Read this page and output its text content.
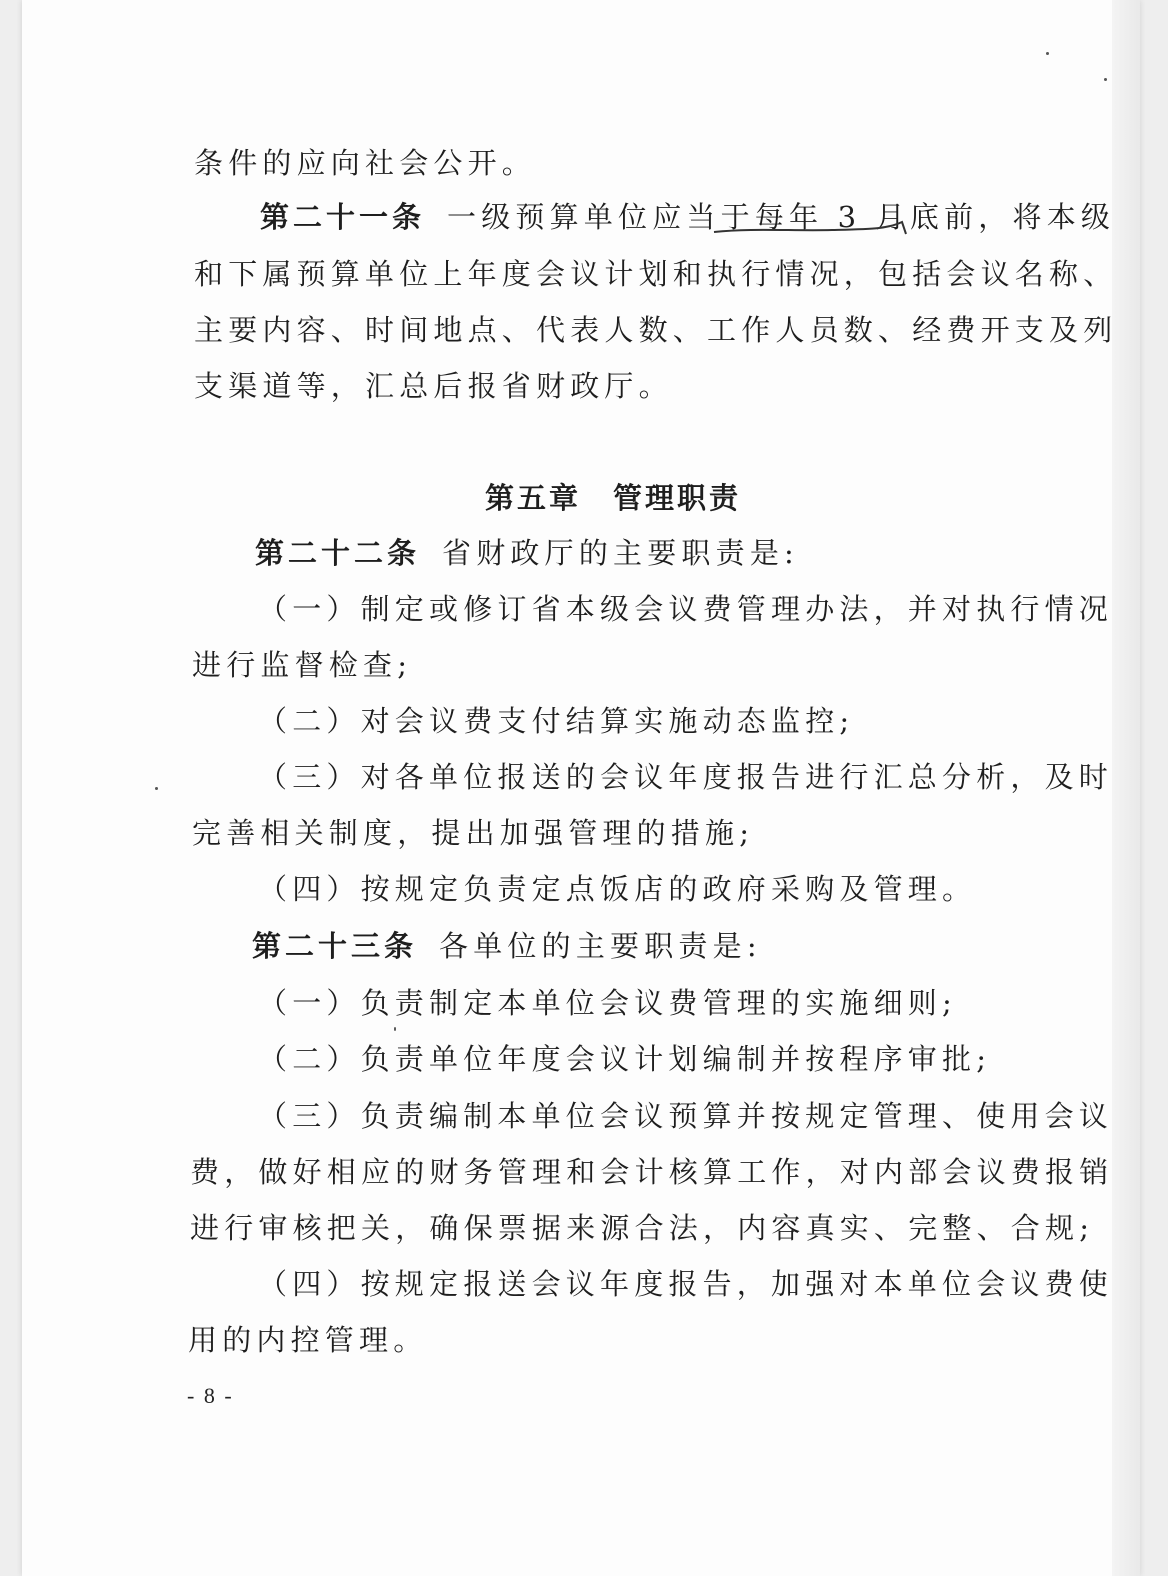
条件的应向社会公开。
第二十一条 一级预算单位应当于每年 3 月底前，将本级
和下属预算单位上年度会议计划和执行情况，包括会议名称、
主要内容、时间地点、代表人数、工作人员数、经费开支及列
支渠道等，汇总后报省财政厅。
第五章　管理职责
第二十二条 省财政厅的主要职责是:
（一）制定或修订省本级会议费管理办法，并对执行情况
进行监督检查;
（二）对会议费支付结算实施动态监控;
（三）对各单位报送的会议年度报告进行汇总分析，及时
完善相关制度，提出加强管理的措施;
（四）按规定负责定点饭店的政府采购及管理。
第二十三条 各单位的主要职责是:
（一）负责制定本单位会议费管理的实施细则;
（二）负责单位年度会议计划编制并按程序审批;
（三）负责编制本单位会议预算并按规定管理、使用会议
费，做好相应的财务管理和会计核算工作，对内部会议费报销
进行审核把关，确保票据来源合法，内容真实、完整、合规;
（四）按规定报送会议年度报告，加强对本单位会议费使
用的内控管理。
- 8 -
